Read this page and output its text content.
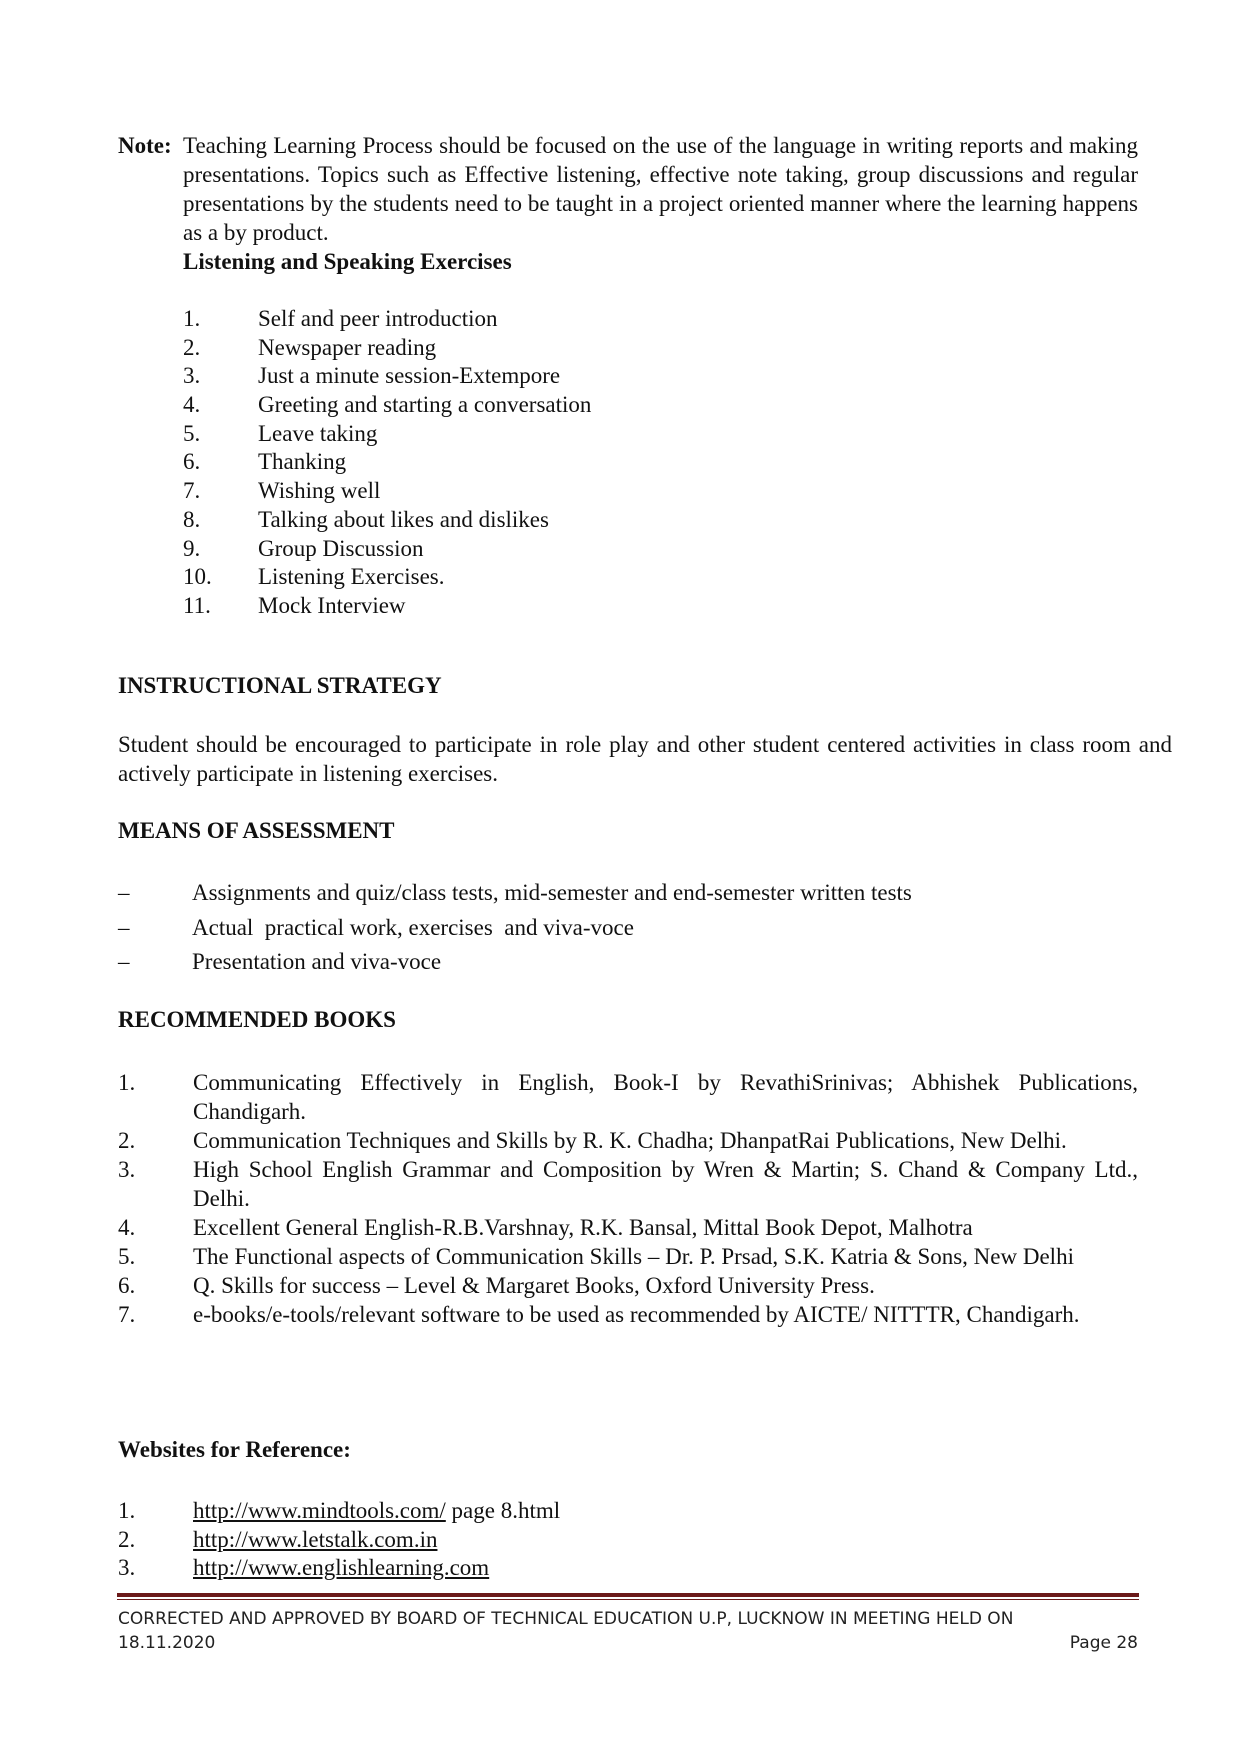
Note: Teaching Learning Process should be focused on the use of the language in writing reports and making presentations. Topics such as Effective listening, effective note taking, group discussions and regular presentations by the students need to be taught in a project oriented manner where the learning happens as a by product.
Listening and Speaking Exercises
1.	Self and peer introduction
2.	Newspaper reading
3.	Just a minute session-Extempore
4.	Greeting and starting a conversation
5.	Leave taking
6.	Thanking
7.	Wishing well
8.	Talking about likes and dislikes
9.	Group Discussion
10.	Listening Exercises.
11.	Mock Interview
INSTRUCTIONAL STRATEGY
Student should be encouraged to participate in role play and other student centered activities in class room and actively participate in listening exercises.
MEANS OF ASSESSMENT
–	Assignments and quiz/class tests, mid-semester and end-semester written tests
–	Actual  practical work, exercises  and viva-voce
–	Presentation and viva-voce
RECOMMENDED BOOKS
1.	Communicating Effectively in English, Book-I by RevathiSrinivas; Abhishek Publications, Chandigarh.
2.	Communication Techniques and Skills by R. K. Chadha; DhanpatRai Publications, New Delhi.
3.	High School English Grammar and Composition by Wren & Martin; S. Chand & Company Ltd., Delhi.
4.	Excellent General English-R.B.Varshnay, R.K. Bansal, Mittal Book Depot, Malhotra
5.	The Functional aspects of Communication Skills – Dr. P. Prsad, S.K. Katria & Sons, New Delhi
6.	Q. Skills for success – Level & Margaret Books, Oxford University Press.
7.	e-books/e-tools/relevant software to be used as recommended by AICTE/ NITTTR, Chandigarh.
Websites for Reference:
1.	http://www.mindtools.com/ page 8.html
2.	http://www.letstalk.com.in
3.	http://www.englishlearning.com
CORRECTED AND APPROVED BY BOARD OF TECHNICAL EDUCATION U.P, LUCKNOW IN MEETING HELD ON
18.11.2020	Page 28
